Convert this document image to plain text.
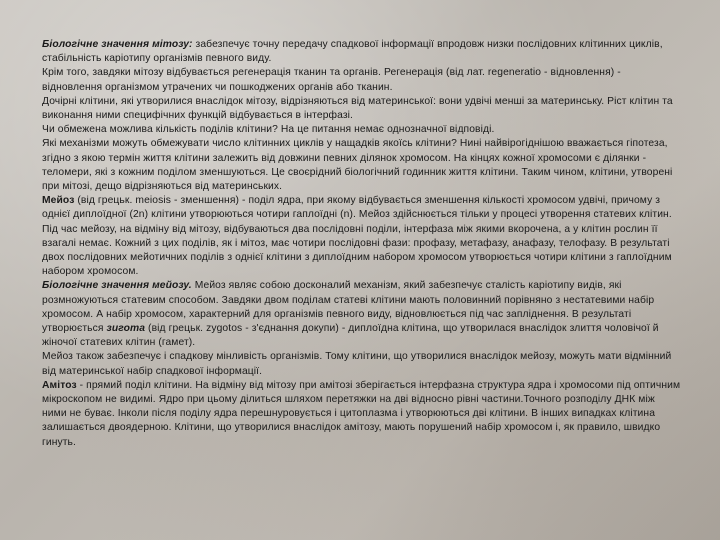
Біологічне значення мітозу: забезпечує точну передачу спадкової інформації впродовж низки послідовних клітинних циклів, стабільність каріотипу організмів певного виду.

Крім того, завдяки мітозу відбувається регенерація тканин та органів. Регенерація (від лат. regeneratio - відновлення) - відновлення організмом утрачених чи пошкоджених органів або тканин.

Дочірні клітини, які утворилися внаслідок мітозу, відрізняються від материнської: вони удвічі менші за материнську. Ріст клітин та виконання ними специфічних функцій відбувається в інтерфазі.

Чи обмежена можлива кількість поділів клітини? На це питання немає однозначної відповіді.

Які механізми можуть обмежувати число клітинних циклів у нащадків якоїсь клітини? Нині найвірогіднішою вважається гіпотеза, згідно з якою термін життя клітини залежить від довжини певних ділянок хромосом. На кінцях кожної хромосоми є ділянки - теломери, які з кожним поділом зменшуються. Це своєрідний біологічний годинник життя клітини. Таким чином, клітини, утворені при мітозі, дещо відрізняються від материнських.

Мейоз (від грецьк. meiosis - зменшення) - поділ ядра, при якому відбувається зменшення кількості хромосом удвічі, причому з однієї диплоїдної (2n) клітини утворюються чотири гаплоїдні (n). Мейоз здійснюється тільки у процесі утворення статевих клітин. Під час мейозу, на відміну від мітозу, відбуваються два послідовні поділи, інтерфаза між якими вкорочена, а у клітин рослин її взагалі немає. Кожний з цих поділів, як і мітоз, має чотири послідовні фази: профазу, метафазу, анафазу, телофазу. В результаті двох послідовних мейотичних поділів з однієї клітини з диплоїдним набором хромосом утворюється чотири клітини з гаплоїдним набором хромосом.

Біологічне значення мейозу. Мейоз являє собою досконалий механізм, який забезпечує сталість каріотипу видів, які розмножуються статевим способом. Завдяки двом поділам статеві клітини мають половинний порівняно з нестатевими набір хромосом. А набір хромосом, характерний для організмів певного виду, відновлюється під час запліднення. В результаті утворюється зигота (від грецьк. zygotos - з'єднання докупи) - диплоїдна клітина, що утворилася внаслідок злиття чоловічої й жіночої статевих клітин (гамет).

Мейоз також забезпечує і спадкову мінливість організмів. Тому клітини, що утворилися внаслідок мейозу, можуть мати відмінний від материнської набір спадкової інформації.

Амітоз - прямий поділ клітини. На відміну від мітозу при амітозі зберігається інтерфазна структура ядра і хромосоми під оптичним мікроскопом не видимі. Ядро при цьому ділиться шляхом перетяжки на дві відносно рівні частини.Точного розподілу ДНК між ними не буває. Інколи після поділу ядра перешнуровується і цитоплазма і утворюються дві клітини. В інших випадках клітина залишається двоядерною. Клітини, що утворилися внаслідок амітозу, мають порушений набір хромосом і, як правило, швидко гинуть.
